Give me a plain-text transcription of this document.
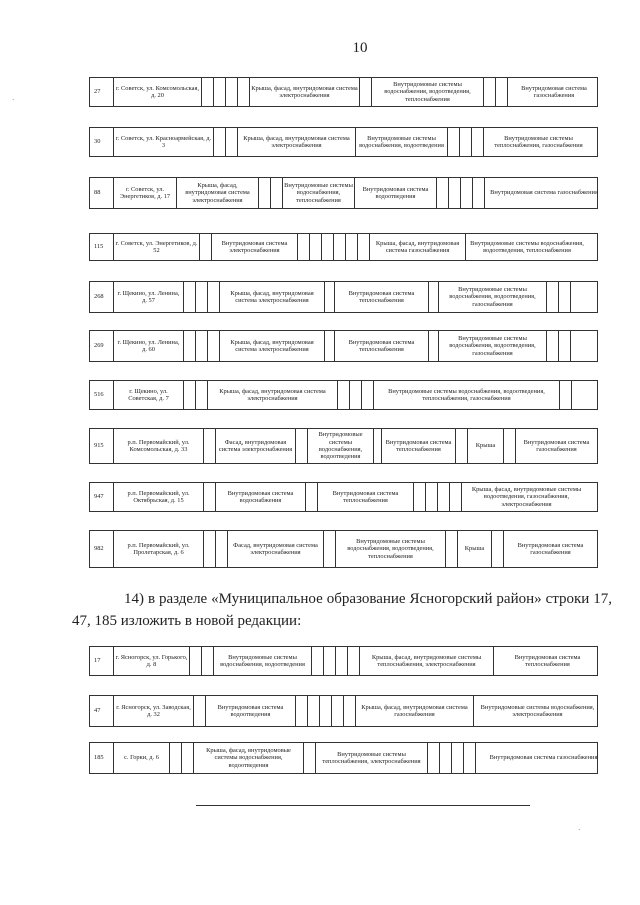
10
27
г. Советск, ул. Комсомольская, д. 20
Крыша, фасад, внутридомовая система электроснабжения
Внутридомовые системы водоснабжения, водоотведения, теплоснабжения
Внутридомовая система газоснабжения
30
г. Советск, ул. Красноармейская, д. 3
Крыша, фасад, внутридомовая система электроснабжения
Внутридомовые системы водоснабжения, водоотведения
Внутридомовые системы теплоснабжения, газоснабжения
88
г. Советск, ул. Энергетиков, д. 17
Крыша, фасад, внутридомовая система электроснабжения
Внутридомовые системы водоснабжения, теплоснабжения
Внутридомовая система водоотведения
Внутридомовая система газоснабжения
115
г. Советск, ул. Энергетиков, д. 52
Внутридомовая система электроснабжения
Крыша, фасад, внутридомовая система газоснабжения
Внутридомовые системы водоснабжения, водоотведения, теплоснабжения
268
г. Щекино, ул. Ленина, д. 57
Крыша, фасад, внутридомовая система электроснабжения
Внутридомовая система теплоснабжения
Внутридомовые системы водоснабжения, водоотведения, газоснабжения
269
г. Щекино, ул. Ленина, д. 60
Крыша, фасад, внутридомовая система электроснабжения
Внутридомовая система теплоснабжения
Внутридомовые системы водоснабжения, водоотведения, газоснабжения
516
г. Щекино, ул. Советская, д. 7
Крыша, фасад, внутридомовая система электроснабжения
Внутридомовые системы водоснабжения, водоотведения, теплоснабжения, газоснабжения
915
р.п. Первомайский, ул. Комсомольская, д. 33
Фасад, внутридомовая система электроснабжения
Внутридомовые системы водоснабжения, водоотведения
Внутридомовая система теплоснабжения
Крыша
Внутридомовая система газоснабжения
947
р.п. Первомайский, ул. Октябрьская, д. 15
Внутридомовая система водоснабжения
Внутридомовая система теплоснабжения
Крыша, фасад, внутридомовые системы водоотведения, газоснабжения, электроснабжения
982
р.п. Первомайский, ул. Пролетарская, д. 6
Фасад, внутридомовая система электроснабжения
Внутридомовые системы водоснабжения, водоотведения, теплоснабжения
Крыша
Внутридомовая система газоснабжения
14) в разделе «Муниципальное образование Ясногорский район» строки 17, 47, 185 изложить в новой редакции:
17
г. Ясногорск, ул. Горького, д. 8
Внутридомовые системы водоснабжения, водоотведения
Крыша, фасад, внутридомовые системы теплоснабжения, электроснабжения
Внутридомовая система теплоснабжения
47
г. Ясногорск, ул. Заводская, д. 32
Внутридомовая система водоотведения
Крыша, фасад, внутридомовая система газоснабжения
Внутридомовые системы водоснабжения, электроснабжения
185	с. Горки, д. 6
Крыша, фасад, внутридомовые системы водоснабжения, водоотведения
Внутридомовые системы теплоснабжения, электроснабжения
Внутридомовая система газоснабжения
·
·
